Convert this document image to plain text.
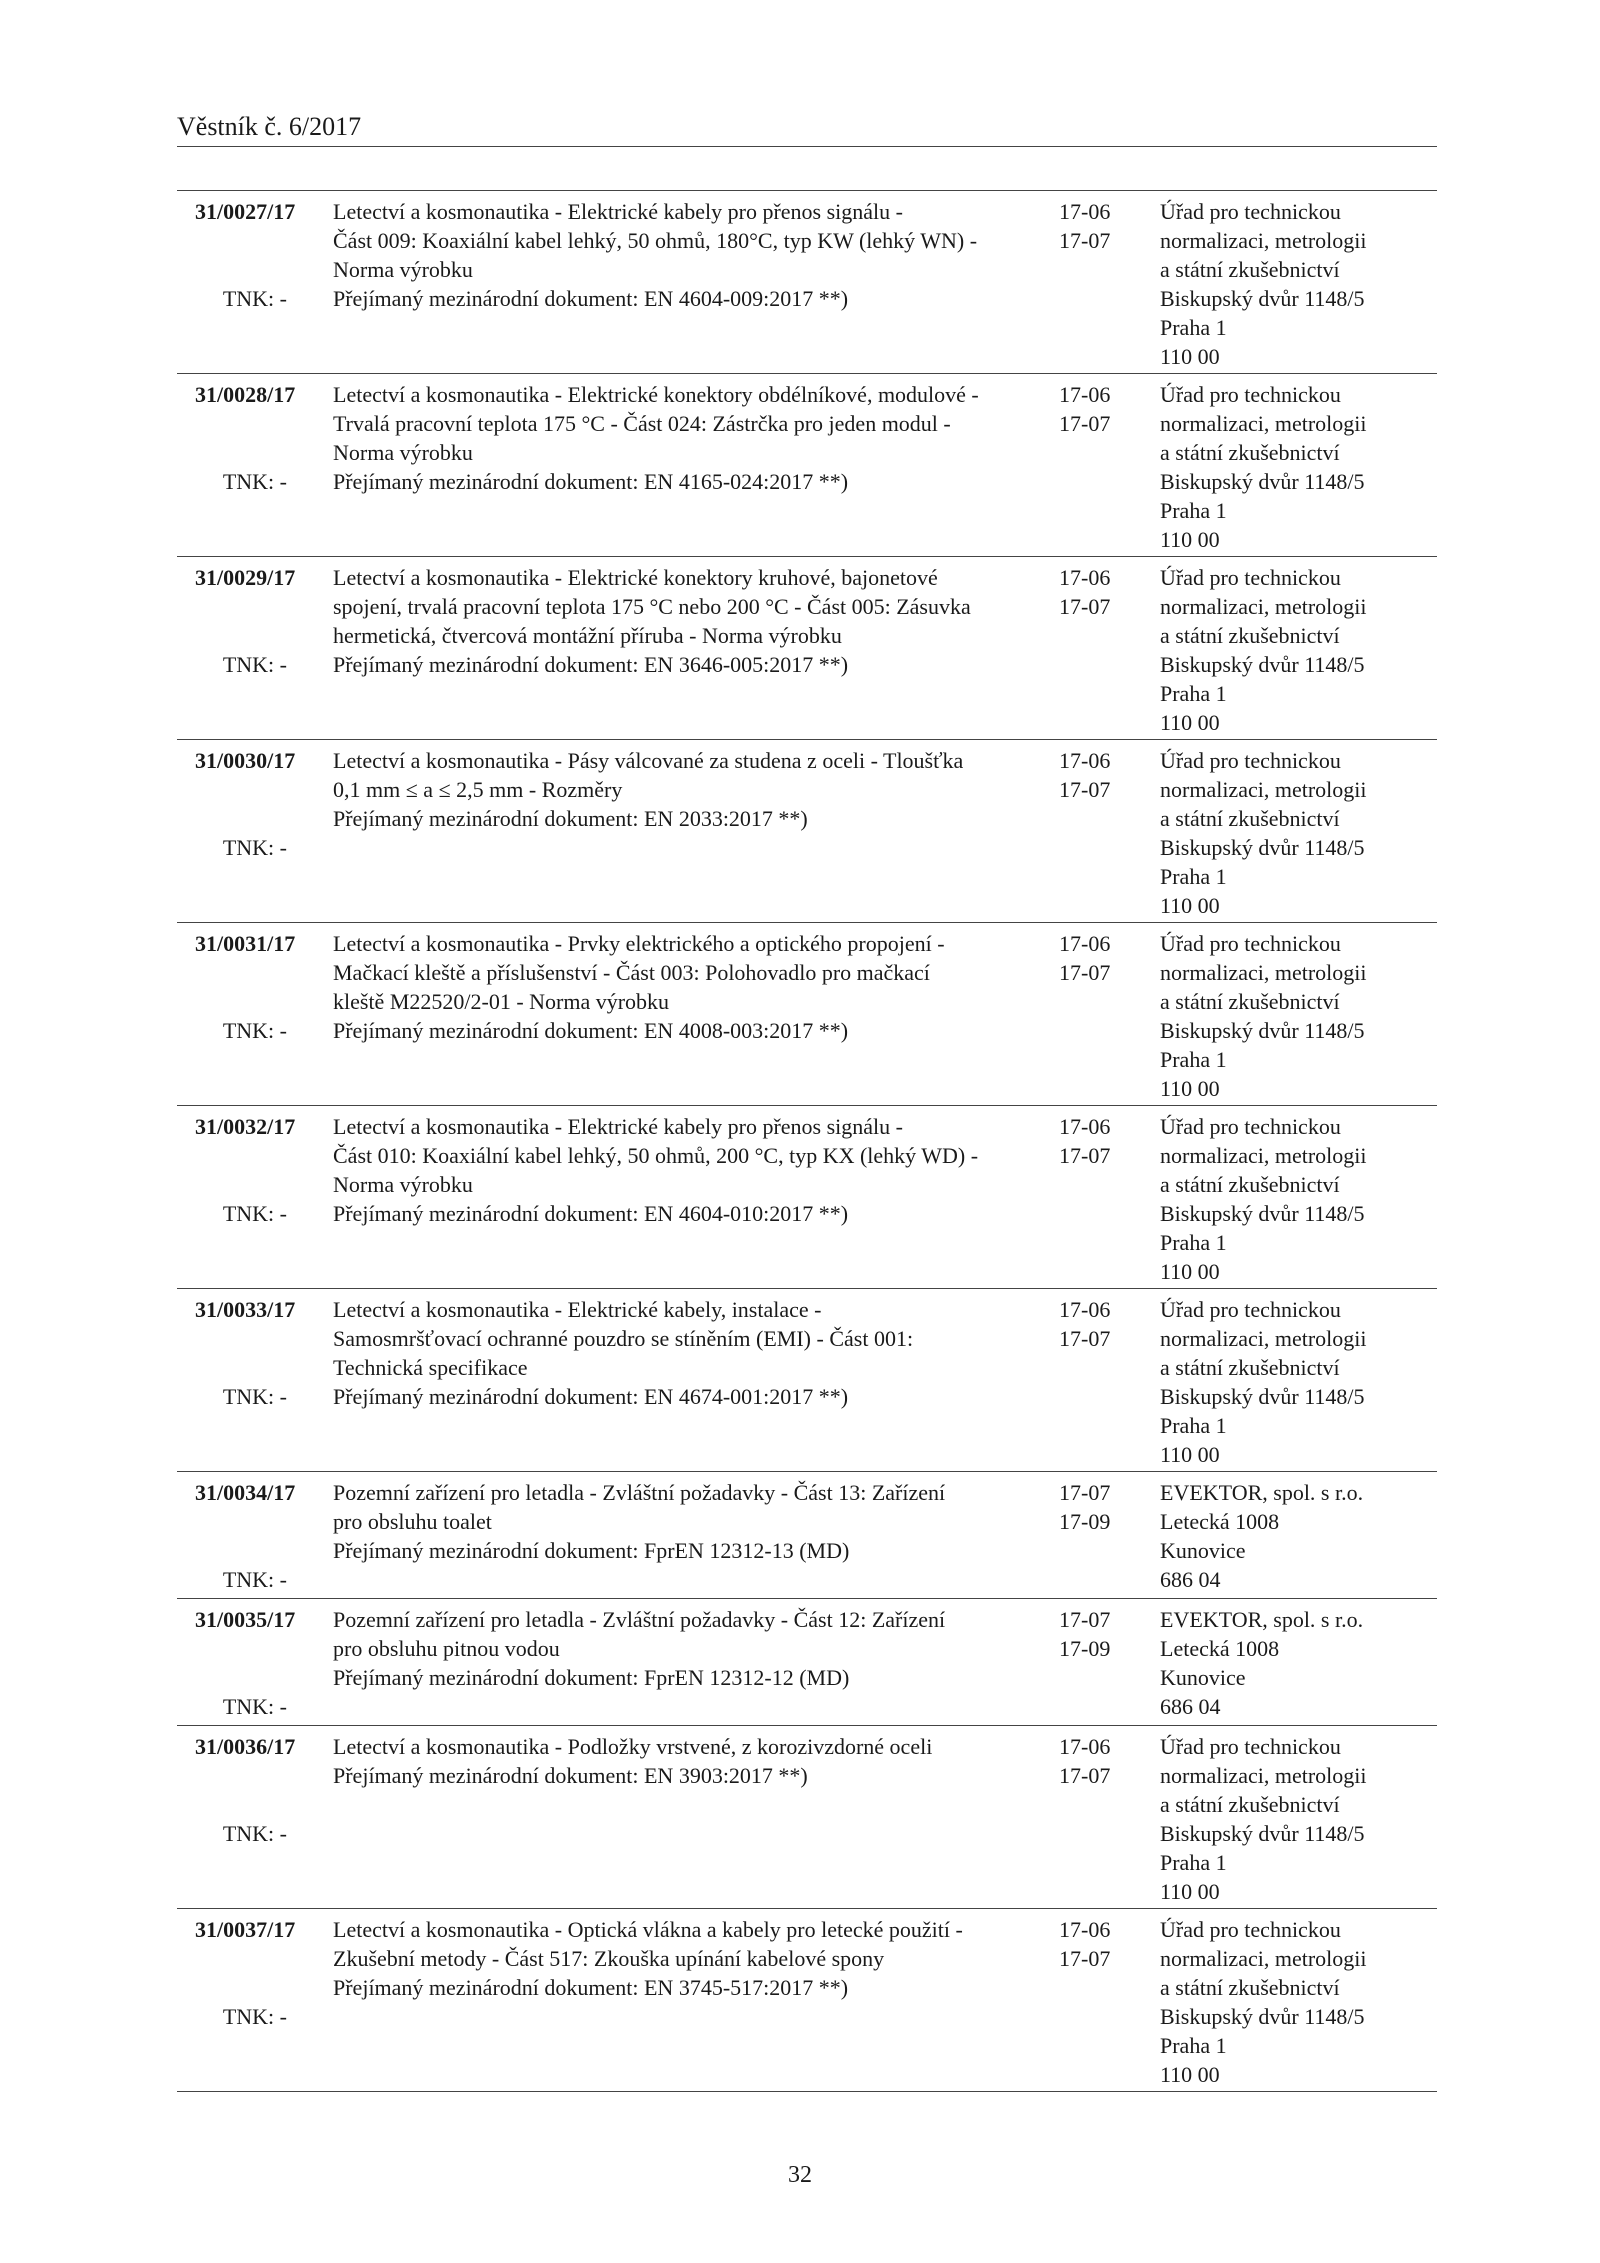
Věstník č. 6/2017
31/0027/17
TNK: -
Letectví a kosmonautika - Elektrické kabely pro přenos signálu -
Část 009: Koaxiální kabel lehký, 50 ohmů, 180°C, typ KW (lehký WN) -
Norma výrobku
Přejímaný mezinárodní dokument: EN 4604-009:2017 **)
17-06
17-07
Úřad pro technickou
normalizaci, metrologii
a státní zkušebnictví
Biskupský dvůr 1148/5
Praha 1
110 00
31/0028/17
TNK: -
Letectví a kosmonautika - Elektrické konektory obdélníkové, modulové -
Trvalá pracovní teplota 175 °C - Část 024: Zástrčka pro jeden modul -
Norma výrobku
Přejímaný mezinárodní dokument: EN 4165-024:2017 **)
17-06
17-07
Úřad pro technickou
normalizaci, metrologii
a státní zkušebnictví
Biskupský dvůr 1148/5
Praha 1
110 00
31/0029/17
TNK: -
Letectví a kosmonautika - Elektrické konektory kruhové, bajonetové
spojení, trvalá pracovní teplota 175 °C nebo 200 °C - Část 005: Zásuvka
hermetická, čtvercová montážní příruba - Norma výrobku
Přejímaný mezinárodní dokument: EN 3646-005:2017 **)
17-06
17-07
Úřad pro technickou
normalizaci, metrologii
a státní zkušebnictví
Biskupský dvůr 1148/5
Praha 1
110 00
31/0030/17
TNK: -
Letectví a kosmonautika - Pásy válcované za studena z oceli - Tloušťka
0,1 mm ≤ a ≤ 2,5 mm - Rozměry
Přejímaný mezinárodní dokument: EN 2033:2017 **)
17-06
17-07
Úřad pro technickou
normalizaci, metrologii
a státní zkušebnictví
Biskupský dvůr 1148/5
Praha 1
110 00
31/0031/17
TNK: -
Letectví a kosmonautika - Prvky elektrického a optického propojení -
Mačkací kleště a příslušenství - Část 003: Polohovadlo pro mačkací
kleště M22520/2-01 - Norma výrobku
Přejímaný mezinárodní dokument: EN 4008-003:2017 **)
17-06
17-07
Úřad pro technickou
normalizaci, metrologii
a státní zkušebnictví
Biskupský dvůr 1148/5
Praha 1
110 00
31/0032/17
TNK: -
Letectví a kosmonautika - Elektrické kabely pro přenos signálu -
Část 010: Koaxiální kabel lehký, 50 ohmů, 200 °C, typ KX (lehký WD) -
Norma výrobku
Přejímaný mezinárodní dokument: EN 4604-010:2017 **)
17-06
17-07
Úřad pro technickou
normalizaci, metrologii
a státní zkušebnictví
Biskupský dvůr 1148/5
Praha 1
110 00
31/0033/17
TNK: -
Letectví a kosmonautika - Elektrické kabely, instalace -
Samosmršťovací ochranné pouzdro se stíněním (EMI) - Část 001:
Technická specifikace
Přejímaný mezinárodní dokument: EN 4674-001:2017 **)
17-06
17-07
Úřad pro technickou
normalizaci, metrologii
a státní zkušebnictví
Biskupský dvůr 1148/5
Praha 1
110 00
31/0034/17
TNK: -
Pozemní zařízení pro letadla - Zvláštní požadavky - Část 13: Zařízení
pro obsluhu toalet
Přejímaný mezinárodní dokument: FprEN 12312-13 (MD)
17-07
17-09
EVEKTOR, spol. s r.o.
Letecká 1008
Kunovice
686 04
31/0035/17
TNK: -
Pozemní zařízení pro letadla - Zvláštní požadavky - Část 12: Zařízení
pro obsluhu pitnou vodou
Přejímaný mezinárodní dokument: FprEN 12312-12 (MD)
17-07
17-09
EVEKTOR, spol. s r.o.
Letecká 1008
Kunovice
686 04
31/0036/17
TNK: -
Letectví a kosmonautika - Podložky vrstvené, z korozivzdorné oceli
Přejímaný mezinárodní dokument: EN 3903:2017 **)
17-06
17-07
Úřad pro technickou
normalizaci, metrologii
a státní zkušebnictví
Biskupský dvůr 1148/5
Praha 1
110 00
31/0037/17
TNK: -
Letectví a kosmonautika - Optická vlákna a kabely pro letecké použití -
Zkušební metody - Část 517: Zkouška upínání kabelové spony
Přejímaný mezinárodní dokument: EN 3745-517:2017 **)
17-06
17-07
Úřad pro technickou
normalizaci, metrologii
a státní zkušebnictví
Biskupský dvůr 1148/5
Praha 1
110 00
32
